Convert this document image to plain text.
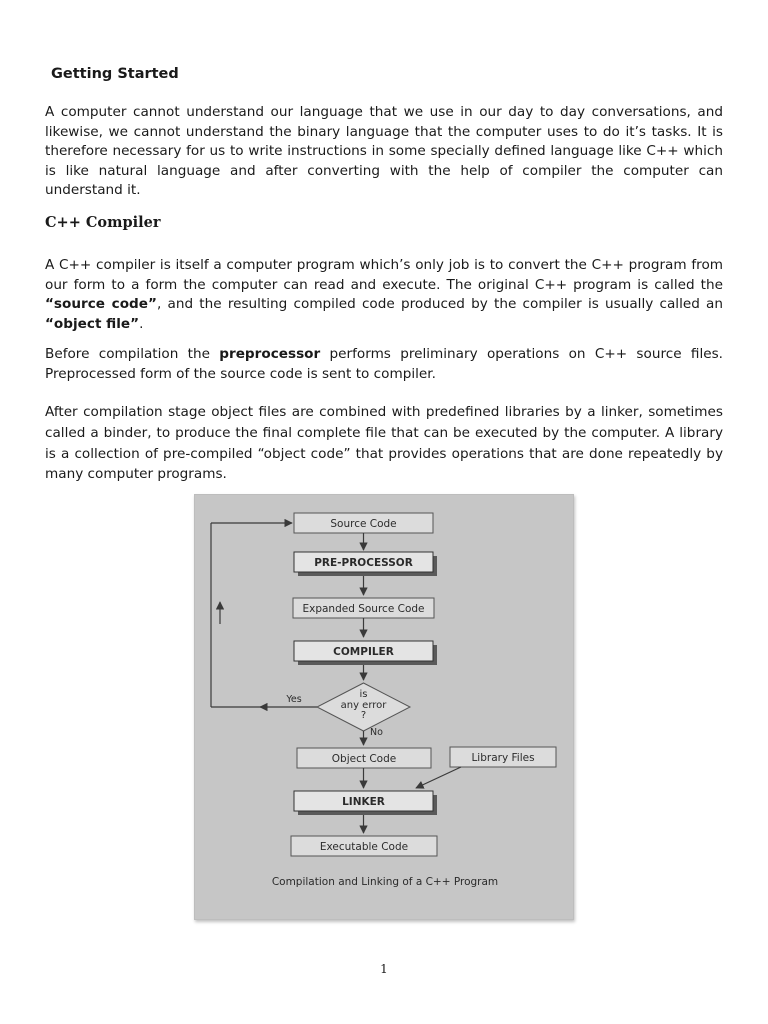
Getting Started

A computer cannot understand our language that we use in our day to day conversations, and likewise, we cannot understand the binary language that the computer uses to do it’s tasks. It is therefore necessary for us to write instructions in some specially defined language like C++ which is like natural language and after converting with the help of compiler the computer can understand it.

C++ Compiler

A C++ compiler is itself a computer program which’s only job is to convert the C++ program from our form to a form the computer can read and execute. The original C++ program is called the “source code”, and the resulting compiled code produced by the compiler is usually called an “object file”.

Before compilation the preprocessor performs preliminary operations on C++ source files. Preprocessed form of the source code is sent to compiler.

After compilation stage object files are combined with predefined libraries by a linker, sometimes called a binder, to produce the final complete file that can be executed by the computer. A library is a collection of pre-compiled “object code” that provides operations that are done repeatedly by many computer programs.

Source Code
PRE-PROCESSOR
Expanded Source Code
COMPILER
is
any error
?
Yes
No
Object Code	Library Files
LINKER
Executable Code
Compilation and Linking of a C++ Program
1
